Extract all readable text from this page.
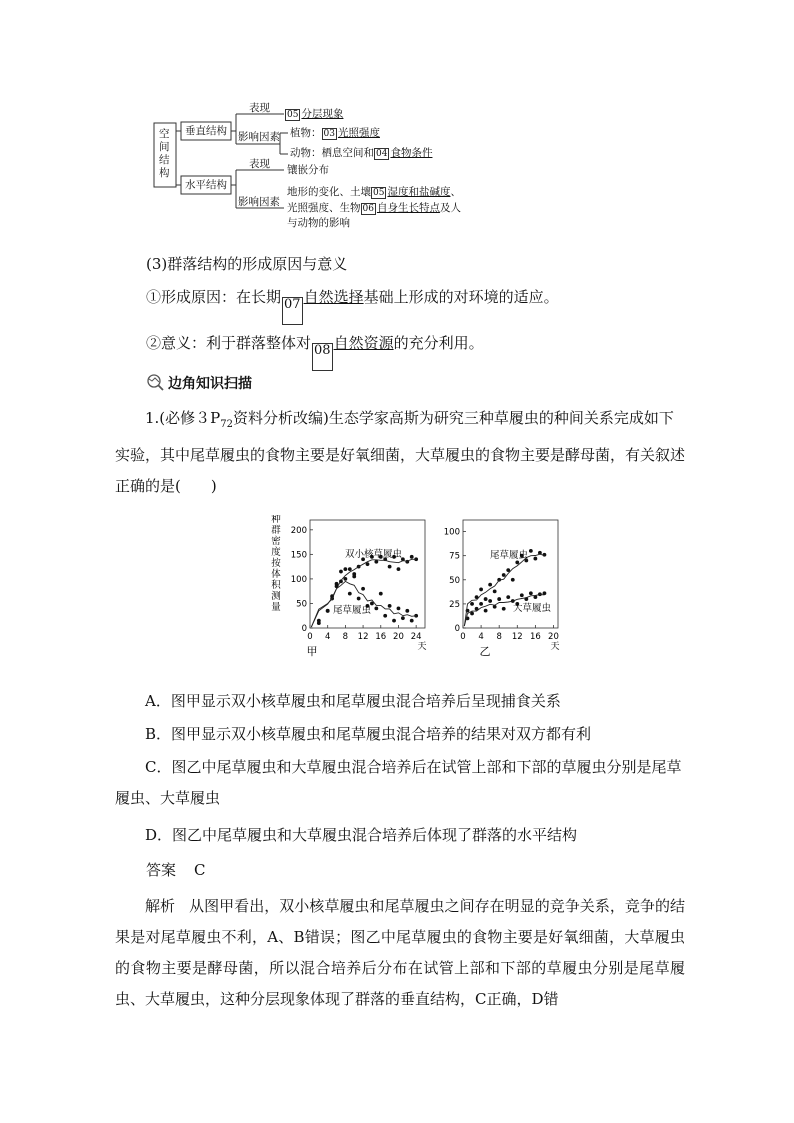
空间结构
垂直结构
水平结构
表现
05 分层现象
影响因素 植物： 03 光照强度
动物：栖息空间和 04 食物条件
表现 镶嵌分布
影响因素
地形的变化、土壤 05 湿度和盐碱度、
光照强度、生物 06 自身生长特点及人
与动物的影响
(3)群落结构的形成原因与意义
①形成原因：在长期 07 自然选择基础上形成的对环境的适应。
②意义：利于群落整体对 08 自然资源的充分利用。
边角知识扫描
1.(必修$3P_{72}$资料分析改编)生态学家高斯为研究三种草履虫的种间关系完成如下实验，其中尾草履虫的食物主要是好氧细菌，大草履虫的食物主要是酵母菌，有关叙述正确的是(　　)
甲
0
50
100
150
200
0 4 8 12 16 20 24
天
种
群
密
度
按
体
积
测
量
双小核草履虫
尾草履虫
乙
0
25
50
75
100
0 4 8 12 16 20
天
尾草履虫
大草履虫
A．图甲显示双小核草履虫和尾草履虫混合培养后呈现捕食关系
B．图甲显示双小核草履虫和尾草履虫混合培养的结果对双方都有利
C．图乙中尾草履虫和大草履虫混合培养后在试管上部和下部的草履虫分别是尾草履虫、大草履虫
D．图乙中尾草履虫和大草履虫混合培养后体现了群落的水平结构
答案 C
解析 从图甲看出，双小核草履虫和尾草履虫之间存在明显的竞争关系，竞争的结果是对尾草履虫不利，A、B错误；图乙中尾草履虫的食物主要是好氧细菌，大草履虫的食物主要是酵母菌，所以混合培养后分布在试管上部和下部的草履虫分别是尾草履虫、大草履虫，这种分层现象体现了群落的垂直结构，C正确，D错
